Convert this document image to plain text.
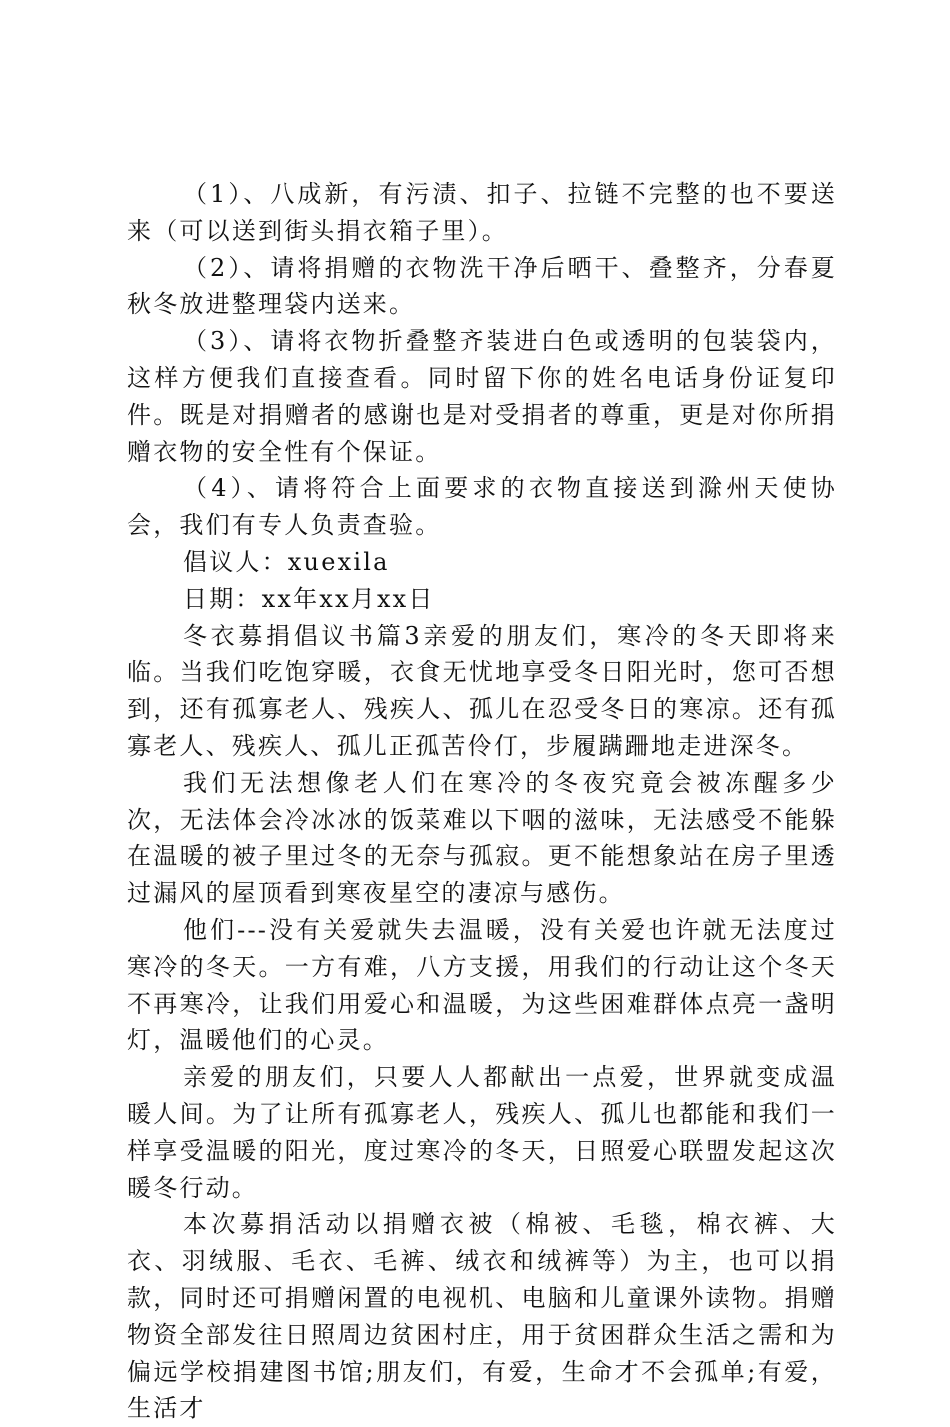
（1）、八成新，有污渍、扣子、拉链不完整的也不要送来（可以送到街头捐衣箱子里）。

（2）、请将捐赠的衣物洗干净后晒干、叠整齐，分春夏秋冬放进整理袋内送来。

（3）、请将衣物折叠整齐装进白色或透明的包装袋内，这样方便我们直接查看。同时留下你的姓名电话身份证复印件。既是对捐赠者的感谢也是对受捐者的尊重，更是对你所捐赠衣物的安全性有个保证。

（4）、请将符合上面要求的衣物直接送到滁州天使协会，我们有专人负责查验。

倡议人：xuexila

日期：xx年xx月xx日

冬衣募捐倡议书篇3亲爱的朋友们，寒冷的冬天即将来临。当我们吃饱穿暖，衣食无忧地享受冬日阳光时，您可否想到，还有孤寡老人、残疾人、孤儿在忍受冬日的寒凉。还有孤寡老人、残疾人、孤儿正孤苦伶仃，步履蹒跚地走进深冬。

我们无法想像老人们在寒冷的冬夜究竟会被冻醒多少次，无法体会冷冰冰的饭菜难以下咽的滋味，无法感受不能躲在温暖的被子里过冬的无奈与孤寂。更不能想象站在房子里透过漏风的屋顶看到寒夜星空的凄凉与感伤。

他们---没有关爱就失去温暖，没有关爱也许就无法度过寒冷的冬天。一方有难，八方支援，用我们的行动让这个冬天不再寒冷，让我们用爱心和温暖，为这些困难群体点亮一盏明灯，温暖他们的心灵。

亲爱的朋友们，只要人人都献出一点爱，世界就变成温暖人间。为了让所有孤寡老人，残疾人、孤儿也都能和我们一样享受温暖的阳光，度过寒冷的冬天，日照爱心联盟发起这次暖冬行动。

本次募捐活动以捐赠衣被（棉被、毛毯，棉衣裤、大衣、羽绒服、毛衣、毛裤、绒衣和绒裤等）为主，也可以捐款，同时还可捐赠闲置的电视机、电脑和儿童课外读物。捐赠物资全部发往日照周边贫困村庄，用于贫困群众生活之需和为偏远学校捐建图书馆;朋友们，有爱，生命才不会孤单;有爱，生活才
